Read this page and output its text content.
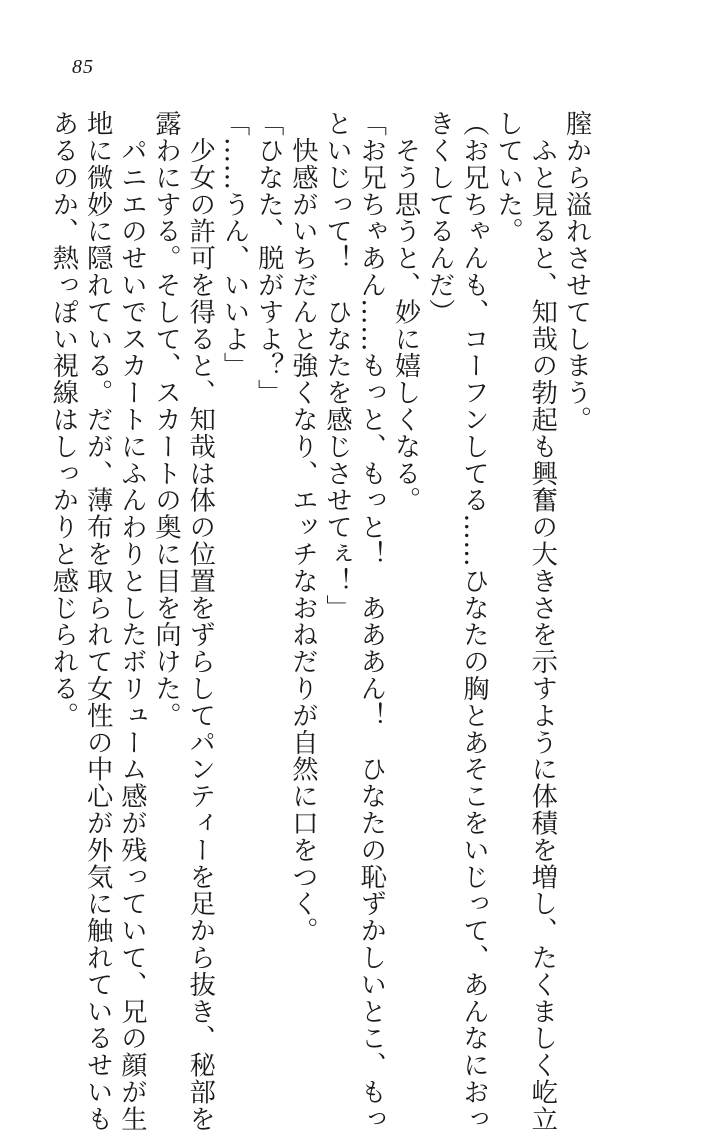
85
膣から溢れさせてしまう。
　ふと見ると、知哉の勃起も興奮の大きさを示すように体積を増し、たくましく屹立
していた。
（お兄ちゃんも、コーフンしてる……ひなたの胸とあそこをいじって、あんなにおっ
きくしてるんだ）
　そう思うと、妙に嬉しくなる。
「お兄ちゃあん……もっと、もっと！　あああん！　ひなたの恥ずかしいとこ、もっ
といじって！　ひなたを感じさせてぇ！」
　快感がいちだんと強くなり、エッチなおねだりが自然に口をつく。
「ひなた、脱がすよ？」
「……うん、いいよ」
　少女の許可を得ると、知哉は体の位置をずらしてパンティーを足から抜き、秘部を
露わにする。そして、スカートの奥に目を向けた。
　パニエのせいでスカートにふんわりとしたボリューム感が残っていて、兄の顔が生
地に微妙に隠れている。だが、薄布を取られて女性の中心が外気に触れているせいも
あるのか、熱っぽい視線はしっかりと感じられる。
